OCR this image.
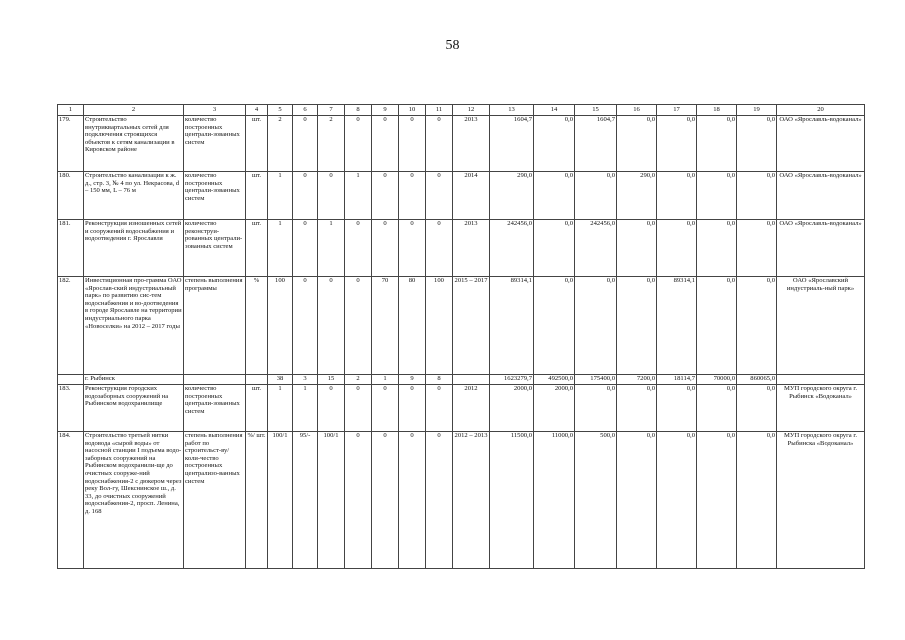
58
1	2	3	4	5	6	7	8	9	10	11	12	13	14	15	16	17	18	19	20
179.	Строительство внутриквартальных сетей для подключения строящихся объектов к сетям канализации в Кировском районе	количество построенных централи-зованных систем	шт.	2	0	2	0	0	0	0	2013	1604,7	0,0	1604,7	0,0	0,0	0,0	0,0	ОАО «Ярославль-водоканал»
180.	Строительство канализации к ж. д., стр. 3, № 4 по ул. Некрасова, d – 150 мм, L – 76 м	количество построенных централи-зованных систем	шт.	1	0	0	1	0	0	0	2014	290,0	0,0	0,0	290,0	0,0	0,0	0,0	ОАО «Ярославль-водоканал»
181.	Реконструкция изношенных сетей и сооружений водоснабжения и водоотведения г. Ярославля	количество реконструи-рованных централи-зованных систем	шт.	1	0	1	0	0	0	0	2013	242456,0	0,0	242456,0	0,0	0,0	0,0	0,0	ОАО «Ярославль-водоканал»
182.	Инвестиционная про-грамма ОАО «Ярослав-ский индустриальный парк» по развитию сис-тем водоснабжения и во-доотведения в городе Ярославле на территории индустриального парка «Новоселки» на 2012 – 2017 годы	степень выполнения программы	%	100	0	0	0	70	80	100	2015 – 2017	89314,1	0,0	0,0	0,0	89314,1	0,0	0,0	ОАО «Ярославский индустриаль-ный парк»
	г. Рыбинск			38	3	15	2	1	9	8		1623279,7	492500,0	175400,0	7200,0	18114,7	70000,0	860065,0	
183.	Реконструкция городских водозаборных сооружений на Рыбинском водохранилище	количество построенных централи-зованных систем	шт.	1	1	0	0	0	0	0	2012	2000,0	2000,0	0,0	0,0	0,0	0,0	0,0	МУП городского округа г. Рыбинск «Водоканал»
184.	Строительство третьей нитки водовода «сырой воды» от насосной станции I подъема водо-заборных сооружений на Рыбинском водохранили-ще до очистных сооруже-ний водоснабжения-2 с дюкером через реку Вол-гу, Шекснинское ш., д. 33, до очистных сооружений водоснабжения-2, просп. Ленина, д. 168	степень выполнения работ по строительст-ву/ коли-чество построенных централизо-ванных систем	%/ шт.	100/1	95/-	100/1	0	0	0	0	2012 – 2013	11500,0	11000,0	500,0	0,0	0,0	0,0	0,0	МУП городского округа г. Рыбинска «Водоканал»
